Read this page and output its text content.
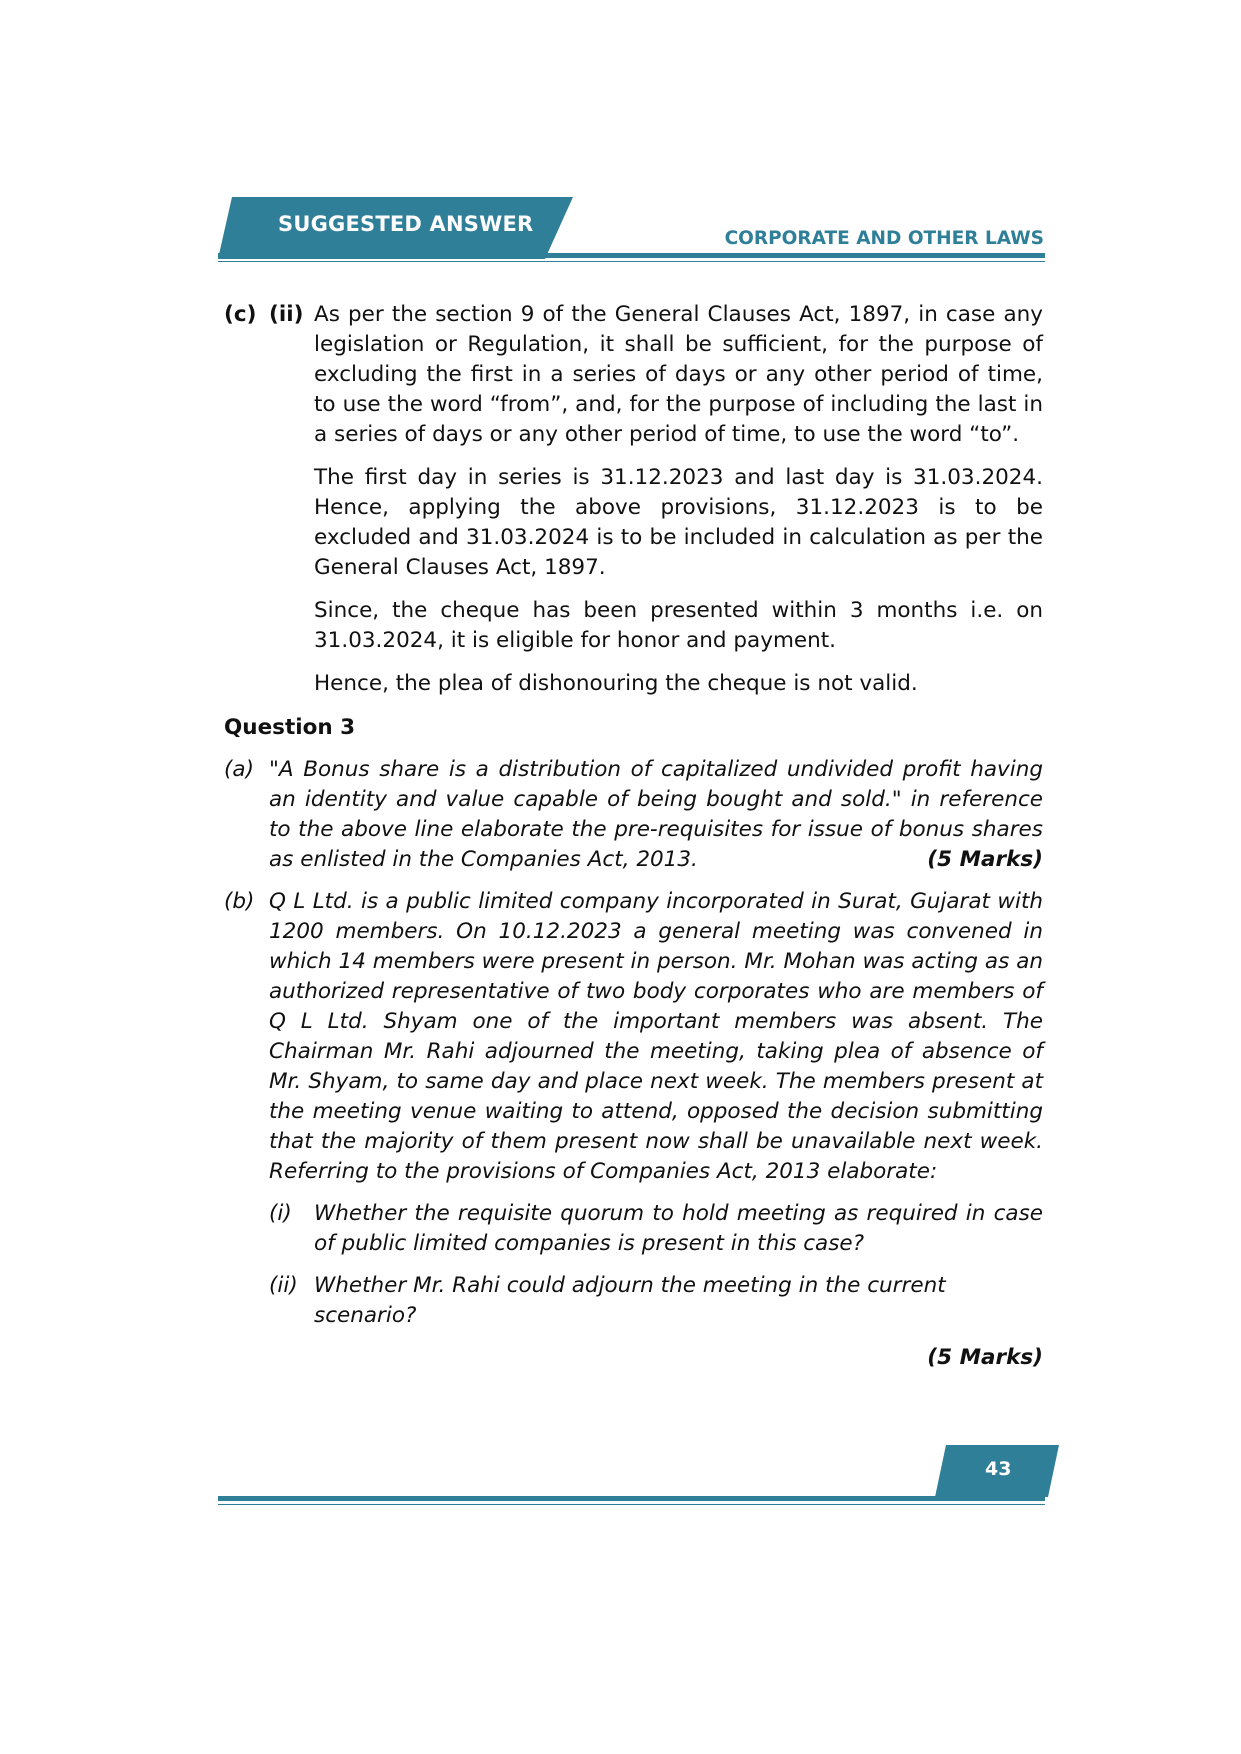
SUGGESTED ANSWER
CORPORATE AND OTHER LAWS
(c) (ii) As per the section 9 of the General Clauses Act, 1897, in case any legislation or Regulation, it shall be sufficient, for the purpose of excluding the first in a series of days or any other period of time, to use the word “from”, and, for the purpose of including the last in a series of days or any other period of time, to use the word “to”.
The first day in series is 31.12.2023 and last day is 31.03.2024. Hence, applying the above provisions, 31.12.2023 is to be excluded and 31.03.2024 is to be included in calculation as per the General Clauses Act, 1897.
Since, the cheque has been presented within 3 months i.e. on 31.03.2024, it is eligible for honor and payment.
Hence, the plea of dishonouring the cheque is not valid.
Question 3
(a) "A Bonus share is a distribution of capitalized undivided profit having an identity and value capable of being bought and sold." in reference to the above line elaborate the pre-requisites for issue of bonus shares as enlisted in the Companies Act, 2013.	(5 Marks)
(b) Q L Ltd. is a public limited company incorporated in Surat, Gujarat with 1200 members. On 10.12.2023 a general meeting was convened in which 14 members were present in person. Mr. Mohan was acting as an authorized representative of two body corporates who are members of Q L Ltd. Shyam one of the important members was absent. The Chairman Mr. Rahi adjourned the meeting, taking plea of absence of Mr. Shyam, to same day and place next week. The members present at the meeting venue waiting to attend, opposed the decision submitting that the majority of them present now shall be unavailable next week. Referring to the provisions of Companies Act, 2013 elaborate:
(i)	Whether the requisite quorum to hold meeting as required in case of public limited companies is present in this case?
(ii) Whether Mr. Rahi could adjourn the meeting in the current scenario?
(5 Marks)
43
